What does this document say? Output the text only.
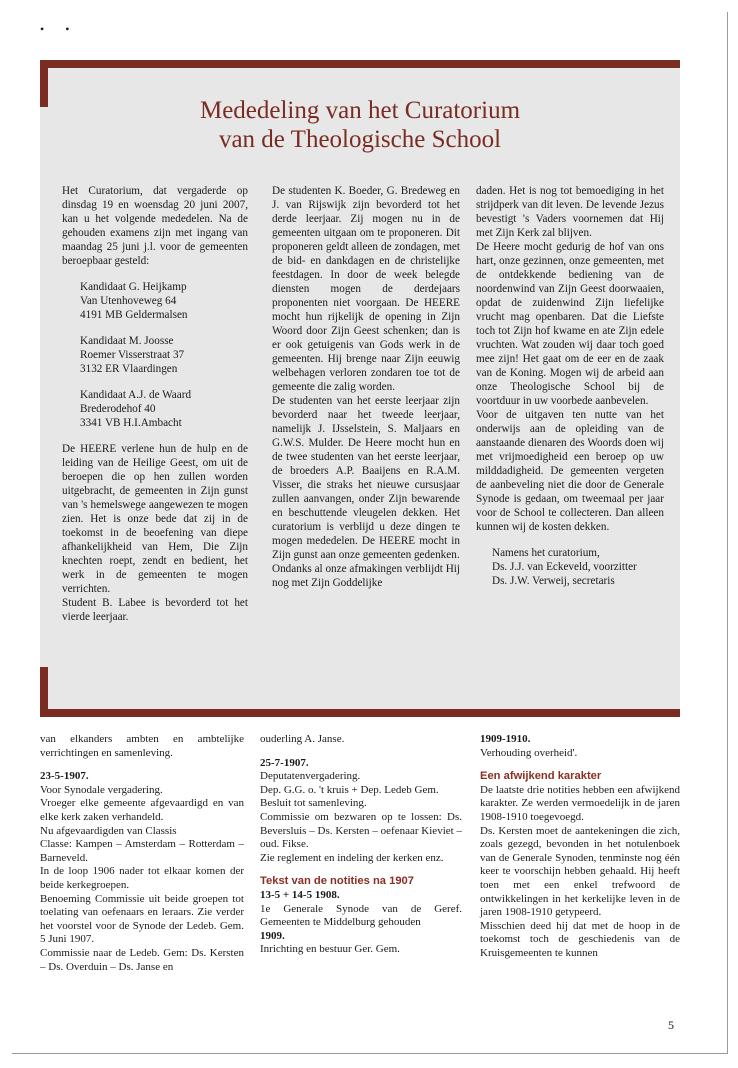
• •
Mededeling van het Curatorium
van de Theologische School

Het Curatorium, dat vergaderde op dinsdag 19 en woensdag 20 juni 2007, kan u het volgende mededelen. Na de gehouden examens zijn met ingang van maandag 25 juni j.l. voor de gemeenten beroepbaar gesteld:

Kandidaat G. Heijkamp
Van Utenhoveweg 64
4191 MB Geldermalsen
Kandidaat M. Joosse
Roemer Visserstraat 37
3132 ER Vlaardingen
Kandidaat A.J. de Waard
Brederodehof 40
3341 VB H.I.Ambacht

De HEERE verlene hun de hulp en de leiding van de Heilige Geest, om uit de beroepen die op hen zullen worden uitgebracht, de gemeenten in Zijn gunst van 's hemelswege aangewezen te mogen zien. Het is onze bede dat zij in de toekomst in de beoefening van diepe afhankelijkheid van Hem, Die Zijn knechten roept, zendt en bedient, het werk in de gemeenten te mogen verrichten.

Student B. Labee is bevorderd tot het vierde leerjaar.

De studenten K. Boeder, G. Bredeweg en J. van Rijswijk zijn bevorderd tot het derde leerjaar. Zij mogen nu in de gemeenten uitgaan om te proponeren. Dit proponeren geldt alleen de zondagen, met de bid- en dankdagen en de christelijke feestdagen. In door de week belegde diensten mogen de derdejaars proponenten niet voorgaan. De HEERE mocht hun rijkelijk de opening in Zijn Woord door Zijn Geest schenken; dan is er ook getuigenis van Gods werk in de gemeenten. Hij brenge naar Zijn eeuwig welbehagen verloren zondaren toe tot de gemeente die zalig worden.

De studenten van het eerste leerjaar zijn bevorderd naar het tweede leerjaar, namelijk J. IJsselstein, S. Maljaars en G.W.S. Mulder. De Heere mocht hun en de twee studenten van het eerste leerjaar, de broeders A.P. Baaijens en R.A.M. Visser, die straks het nieuwe cursusjaar zullen aanvangen, onder Zijn bewarende en beschuttende vleugelen dekken. Het curatorium is verblijd u deze dingen te mogen mededelen. De HEERE mocht in Zijn gunst aan onze gemeenten gedenken.

Ondanks al onze afmakingen verblijdt Hij nog met Zijn Goddelijke

daden. Het is nog tot bemoediging in het strijdperk van dit leven. De levende Jezus bevestigt 's Vaders voornemen dat Hij met Zijn Kerk zal blijven.

De Heere mocht gedurig de hof van ons hart, onze gezinnen, onze gemeenten, met de ontdekkende bediening van de noordenwind van Zijn Geest doorwaaien, opdat de zuidenwind Zijn liefelijke vrucht mag openbaren. Dat die Liefste toch tot Zijn hof kwame en ate Zijn edele vruchten. Wat zouden wij daar toch goed mee zijn! Het gaat om de eer en de zaak van de Koning. Mogen wij de arbeid aan onze Theologische School bij de voortduur in uw voorbede aanbevelen.

Voor de uitgaven ten nutte van het onderwijs aan de opleiding van de aanstaande dienaren des Woords doen wij met vrijmoedigheid een beroep op uw milddadigheid. De gemeenten vergeten de aanbeveling niet die door de Generale Synode is gedaan, om tweemaal per jaar voor de School te collecteren. Dan alleen kunnen wij de kosten dekken.

Namens het curatorium,
Ds. J.J. van Eckeveld, voorzitter
Ds. J.W. Verweij, secretaris

van elkanders ambten en ambtelijke verrichtingen en samenleving.

23-5-1907.

Voor Synodale vergadering.

Vroeger elke gemeente afgevaardigd en van elke kerk zaken verhandeld.

Nu afgevaardigden van Classis

Classe: Kampen – Amsterdam – Rotterdam – Barneveld.

In de loop 1906 nader tot elkaar komen der beide kerkegroepen.

Benoeming Commissie uit beide groepen tot toelating van oefenaars en leraars. Zie verder het voorstel voor de Synode der Ledeb. Gem. 5 Juni 1907.

Commissie naar de Ledeb. Gem: Ds. Kersten – Ds. Overduin – Ds. Janse en

ouderling A. Janse.

25-7-1907.

Deputatenvergadering.

Dep. G.G. o. 't kruis + Dep. Ledeb Gem.

Besluit tot samenleving.

Commissie om bezwaren op te lossen: Ds. Beversluis – Ds. Kersten – oefenaar Kieviet – oud. Fikse.

Zie reglement en indeling der kerken enz.

Tekst van de notities na 1907

13-5 + 14-5 1908.

1e Generale Synode van de Geref. Gemeenten te Middelburg gehouden

1909.

Inrichting en bestuur Ger. Gem.

1909-1910.

Verhouding overheid'.

Een afwijkend karakter

De laatste drie notities hebben een afwijkend karakter. Ze werden vermoedelijk in de jaren 1908-1910 toegevoegd.

Ds. Kersten moet de aantekeningen die zich, zoals gezegd, bevonden in het notulenboek van de Generale Synoden, tenminste nog één keer te voorschijn hebben gehaald. Hij heeft toen met een enkel trefwoord de ontwikkelingen in het kerkelijke leven in de jaren 1908-1910 getypeerd.

Misschien deed hij dat met de hoop in de toekomst toch de geschiedenis van de Kruisgemeenten te kunnen

5
